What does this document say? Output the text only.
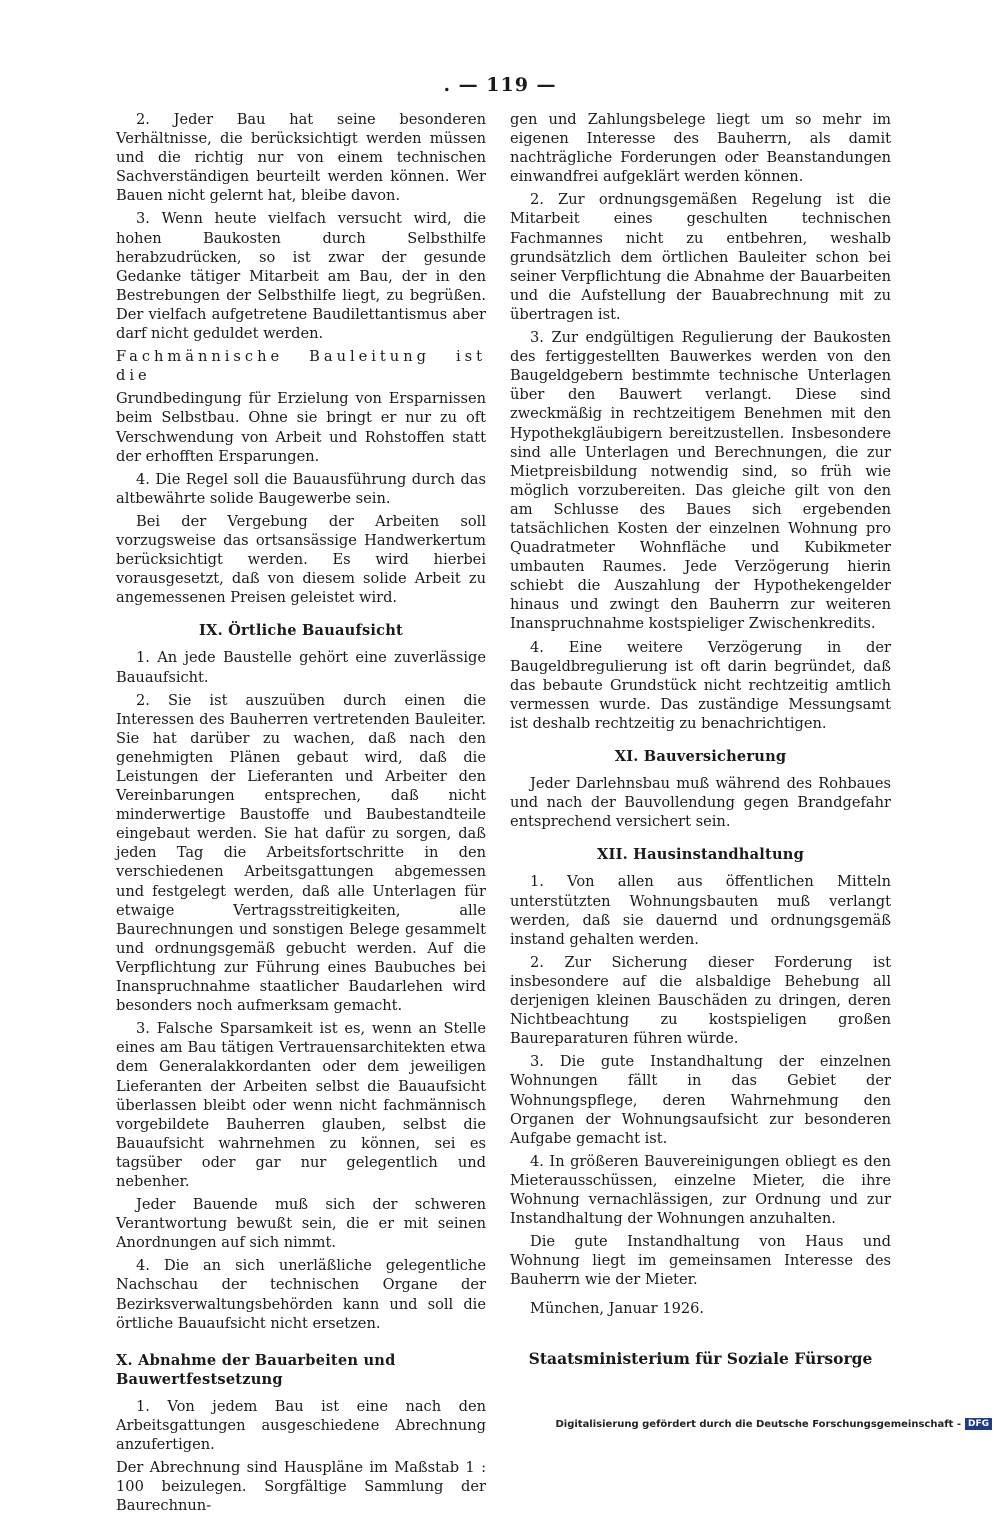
. — 119 —

2. Jeder Bau hat seine besonderen Verhältnisse, die berücksichtigt werden müssen und die richtig nur von einem technischen Sachverständigen beurteilt werden können. Wer Bauen nicht gelernt hat, bleibe davon.

3. Wenn heute vielfach versucht wird, die hohen Baukosten durch Selbsthilfe herabzudrücken, so ist zwar der gesunde Gedanke tätiger Mitarbeit am Bau, der in den Bestrebungen der Selbsthilfe liegt, zu begrüßen. Der vielfach aufgetretene Baudilettantismus aber darf nicht geduldet werden.

Fachmännische Bauleitung ist die

Grundbedingung für Erzielung von Ersparnissen beim Selbstbau. Ohne sie bringt er nur zu oft Verschwendung von Arbeit und Rohstoffen statt der erhofften Ersparungen.

4. Die Regel soll die Bauausführung durch das altbewährte solide Baugewerbe sein.

Bei der Vergebung der Arbeiten soll vorzugsweise das ortsansässige Handwerkertum berücksichtigt werden. Es wird hierbei vorausgesetzt, daß von diesem solide Arbeit zu angemessenen Preisen geleistet wird.

IX. Örtliche Bauaufsicht

1. An jede Baustelle gehört eine zuverlässige Bauaufsicht.

2. Sie ist auszuüben durch einen die Interessen des Bauherren vertretenden Bauleiter. Sie hat darüber zu wachen, daß nach den genehmigten Plänen gebaut wird, daß die Leistungen der Lieferanten und Arbeiter den Vereinbarungen entsprechen, daß nicht minderwertige Baustoffe und Baubestandteile eingebaut werden. Sie hat dafür zu sorgen, daß jeden Tag die Arbeitsfortschritte in den verschiedenen Arbeitsgattungen abgemessen und festgelegt werden, daß alle Unterlagen für etwaige Vertragsstreitigkeiten, alle Baurechnungen und sonstigen Belege gesammelt und ordnungsgemäß gebucht werden. Auf die Verpflichtung zur Führung eines Baubuches bei Inanspruchnahme staatlicher Baudarlehen wird besonders noch aufmerksam gemacht.

3. Falsche Sparsamkeit ist es, wenn an Stelle eines am Bau tätigen Vertrauensarchitekten etwa dem Generalakkordanten oder dem jeweiligen Lieferanten der Arbeiten selbst die Bauaufsicht überlassen bleibt oder wenn nicht fachmännisch vorgebildete Bauherren glauben, selbst die Bauaufsicht wahrnehmen zu können, sei es tagsüber oder gar nur gelegentlich und nebenher.

Jeder Bauende muß sich der schweren Verantwortung bewußt sein, die er mit seinen Anordnungen auf sich nimmt.

4. Die an sich unerläßliche gelegentliche Nachschau der technischen Organe der Bezirksverwaltungsbehörden kann und soll die örtliche Bauaufsicht nicht ersetzen.

X. Abnahme der Bauarbeiten und Bauwertfestsetzung

1. Von jedem Bau ist eine nach den Arbeitsgattungen ausgeschiedene Abrechnung anzufertigen.

Der Abrechnung sind Hauspläne im Maßstab 1 : 100 beizulegen. Sorgfältige Sammlung der Baurechnun-

gen und Zahlungsbelege liegt um so mehr im eigenen Interesse des Bauherrn, als damit nachträgliche Forderungen oder Beanstandungen einwandfrei aufgeklärt werden können.

2. Zur ordnungsgemäßen Regelung ist die Mitarbeit eines geschulten technischen Fachmannes nicht zu entbehren, weshalb grundsätzlich dem örtlichen Bauleiter schon bei seiner Verpflichtung die Abnahme der Bauarbeiten und die Aufstellung der Bauabrechnung mit zu übertragen ist.

3. Zur endgültigen Regulierung der Baukosten des fertiggestellten Bauwerkes werden von den Baugeldgebern bestimmte technische Unterlagen über den Bauwert verlangt. Diese sind zweckmäßig in rechtzeitigem Benehmen mit den Hypothekgläubigern bereitzustellen. Insbesondere sind alle Unterlagen und Berechnungen, die zur Mietpreisbildung notwendig sind, so früh wie möglich vorzubereiten. Das gleiche gilt von den am Schlusse des Baues sich ergebenden tatsächlichen Kosten der einzelnen Wohnung pro Quadratmeter Wohnfläche und Kubikmeter umbauten Raumes. Jede Verzögerung hierin schiebt die Auszahlung der Hypothekengelder hinaus und zwingt den Bauherrn zur weiteren Inanspruchnahme kostspieliger Zwischenkredits.

4. Eine weitere Verzögerung in der Baugeldbregulierung ist oft darin begründet, daß das bebaute Grundstück nicht rechtzeitig amtlich vermessen wurde. Das zuständige Messungsamt ist deshalb rechtzeitig zu benachrichtigen.

XI. Bauversicherung

Jeder Darlehnsbau muß während des Rohbaues und nach der Bauvollendung gegen Brandgefahr entsprechend versichert sein.

XII. Hausinstandhaltung

1. Von allen aus öffentlichen Mitteln unterstützten Wohnungsbauten muß verlangt werden, daß sie dauernd und ordnungsgemäß instand gehalten werden.

2. Zur Sicherung dieser Forderung ist insbesondere auf die alsbaldige Behebung all derjenigen kleinen Bauschäden zu dringen, deren Nichtbeachtung zu kostspieligen großen Baureparaturen führen würde.

3. Die gute Instandhaltung der einzelnen Wohnungen fällt in das Gebiet der Wohnungspflege, deren Wahrnehmung den Organen der Wohnungsaufsicht zur besonderen Aufgabe gemacht ist.

4. In größeren Bauvereinigungen obliegt es den Mieterausschüssen, einzelne Mieter, die ihre Wohnung vernachlässigen, zur Ordnung und zur Instandhaltung der Wohnungen anzuhalten.

Die gute Instandhaltung von Haus und Wohnung liegt im gemeinsamen Interesse des Bauherrn wie der Mieter.

München, Januar 1926.

Staatsministerium für Soziale Fürsorge
Digitalisierung gefördert durch die Deutsche Forschungsgemeinschaft - DFG
